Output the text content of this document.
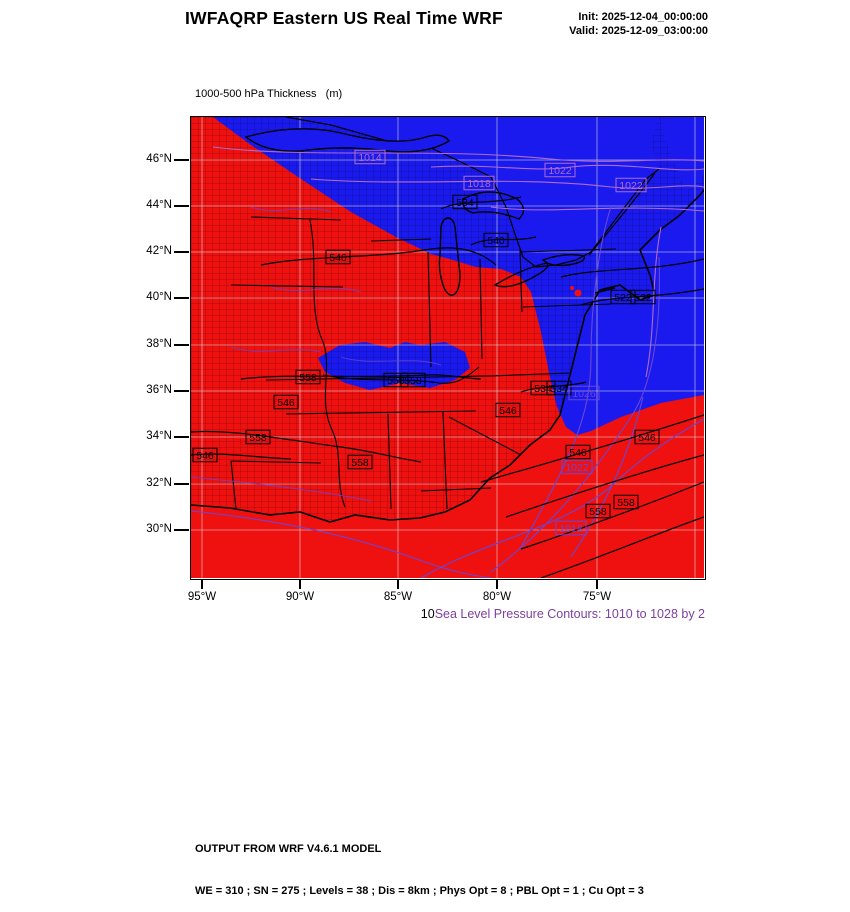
IWFAQRP Eastern US Real Time WRF	Init: 2025-12-04_00:00:00
Valid: 2025-12-09_03:00:00

1000-500 hPa Thickness   (m)

1014
1018
1022
1022
534
540
522 522
546
558	558 558
546
558
546
558
534
534
546
1026
546
546
558
558
1022
1018
46°N
44°N
42°N
40°N
38°N
36°N
34°N
32°N
30°N
95°W	90°W	85°W	80°W	75°W
10Sea Level Pressure Contours: 1010 to 1028 by 2

OUTPUT FROM WRF V4.6.1 MODEL

WE = 310 ; SN = 275 ; Levels = 38 ; Dis = 8km ; Phys Opt = 8 ; PBL Opt = 1 ; Cu Opt = 3
